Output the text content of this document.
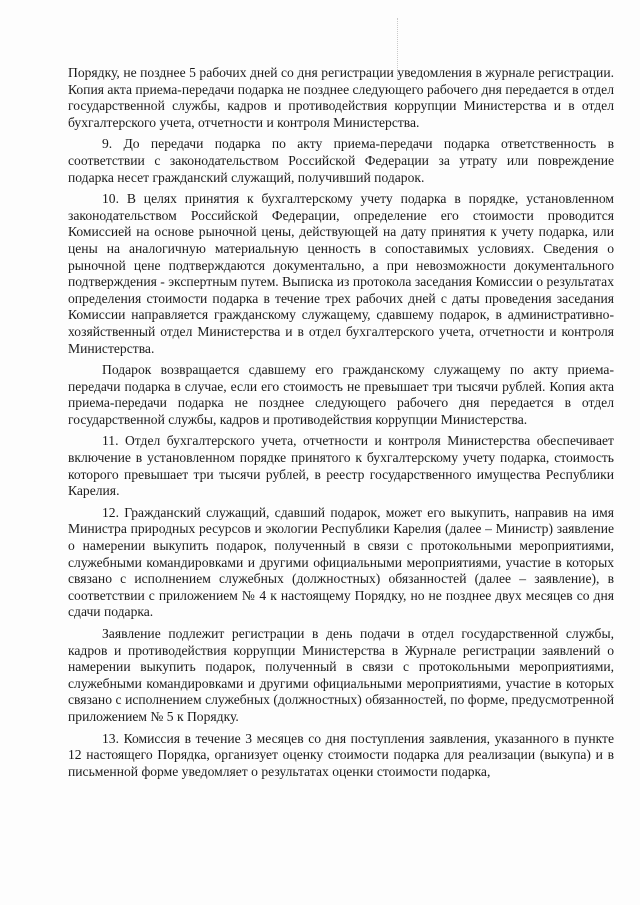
Порядку, не позднее 5 рабочих дней со дня регистрации уведомления в журнале регистрации. Копия акта приема-передачи подарка не позднее следующего рабочего дня передается в отдел государственной службы, кадров и противодействия коррупции Министерства и в отдел бухгалтерского учета, отчетности и контроля Министерства.

9. До передачи подарка по акту приема-передачи подарка ответственность в соответствии с законодательством Российской Федерации за утрату или повреждение подарка несет гражданский служащий, получивший подарок.

10. В целях принятия к бухгалтерскому учету подарка в порядке, установленном законодательством Российской Федерации, определение его стоимости проводится Комиссией на основе рыночной цены, действующей на дату принятия к учету подарка, или цены на аналогичную материальную ценность в сопоставимых условиях. Сведения о рыночной цене подтверждаются документально, а при невозможности документального подтверждения - экспертным путем. Выписка из протокола заседания Комиссии о результатах определения стоимости подарка в течение трех рабочих дней с даты проведения заседания Комиссии направляется гражданскому служащему, сдавшему подарок, в административно-хозяйственный отдел Министерства и в отдел бухгалтерского учета, отчетности и контроля Министерства.

Подарок возвращается сдавшему его гражданскому служащему по акту приема-передачи подарка в случае, если его стоимость не превышает три тысячи рублей. Копия акта приема-передачи подарка не позднее следующего рабочего дня передается в отдел государственной службы, кадров и противодействия коррупции Министерства.

11. Отдел бухгалтерского учета, отчетности и контроля Министерства обеспечивает включение в установленном порядке принятого к бухгалтерскому учету подарка, стоимость которого превышает три тысячи рублей, в реестр государственного имущества Республики Карелия.

12. Гражданский служащий, сдавший подарок, может его выкупить, направив на имя Министра природных ресурсов и экологии Республики Карелия (далее – Министр) заявление о намерении выкупить подарок, полученный в связи с протокольными мероприятиями, служебными командировками и другими официальными мероприятиями, участие в которых связано с исполнением служебных (должностных) обязанностей (далее – заявление), в соответствии с приложением № 4 к настоящему Порядку, но не позднее двух месяцев со дня сдачи подарка.

Заявление подлежит регистрации в день подачи в отдел государственной службы, кадров и противодействия коррупции Министерства в Журнале регистрации заявлений о намерении выкупить подарок, полученный в связи с протокольными мероприятиями, служебными командировками и другими официальными мероприятиями, участие в которых связано с исполнением служебных (должностных) обязанностей, по форме, предусмотренной приложением № 5 к Порядку.

13. Комиссия в течение 3 месяцев со дня поступления заявления, указанного в пункте 12 настоящего Порядка, организует оценку стоимости подарка для реализации (выкупа) и в письменной форме уведомляет о результатах оценки стоимости подарка,
